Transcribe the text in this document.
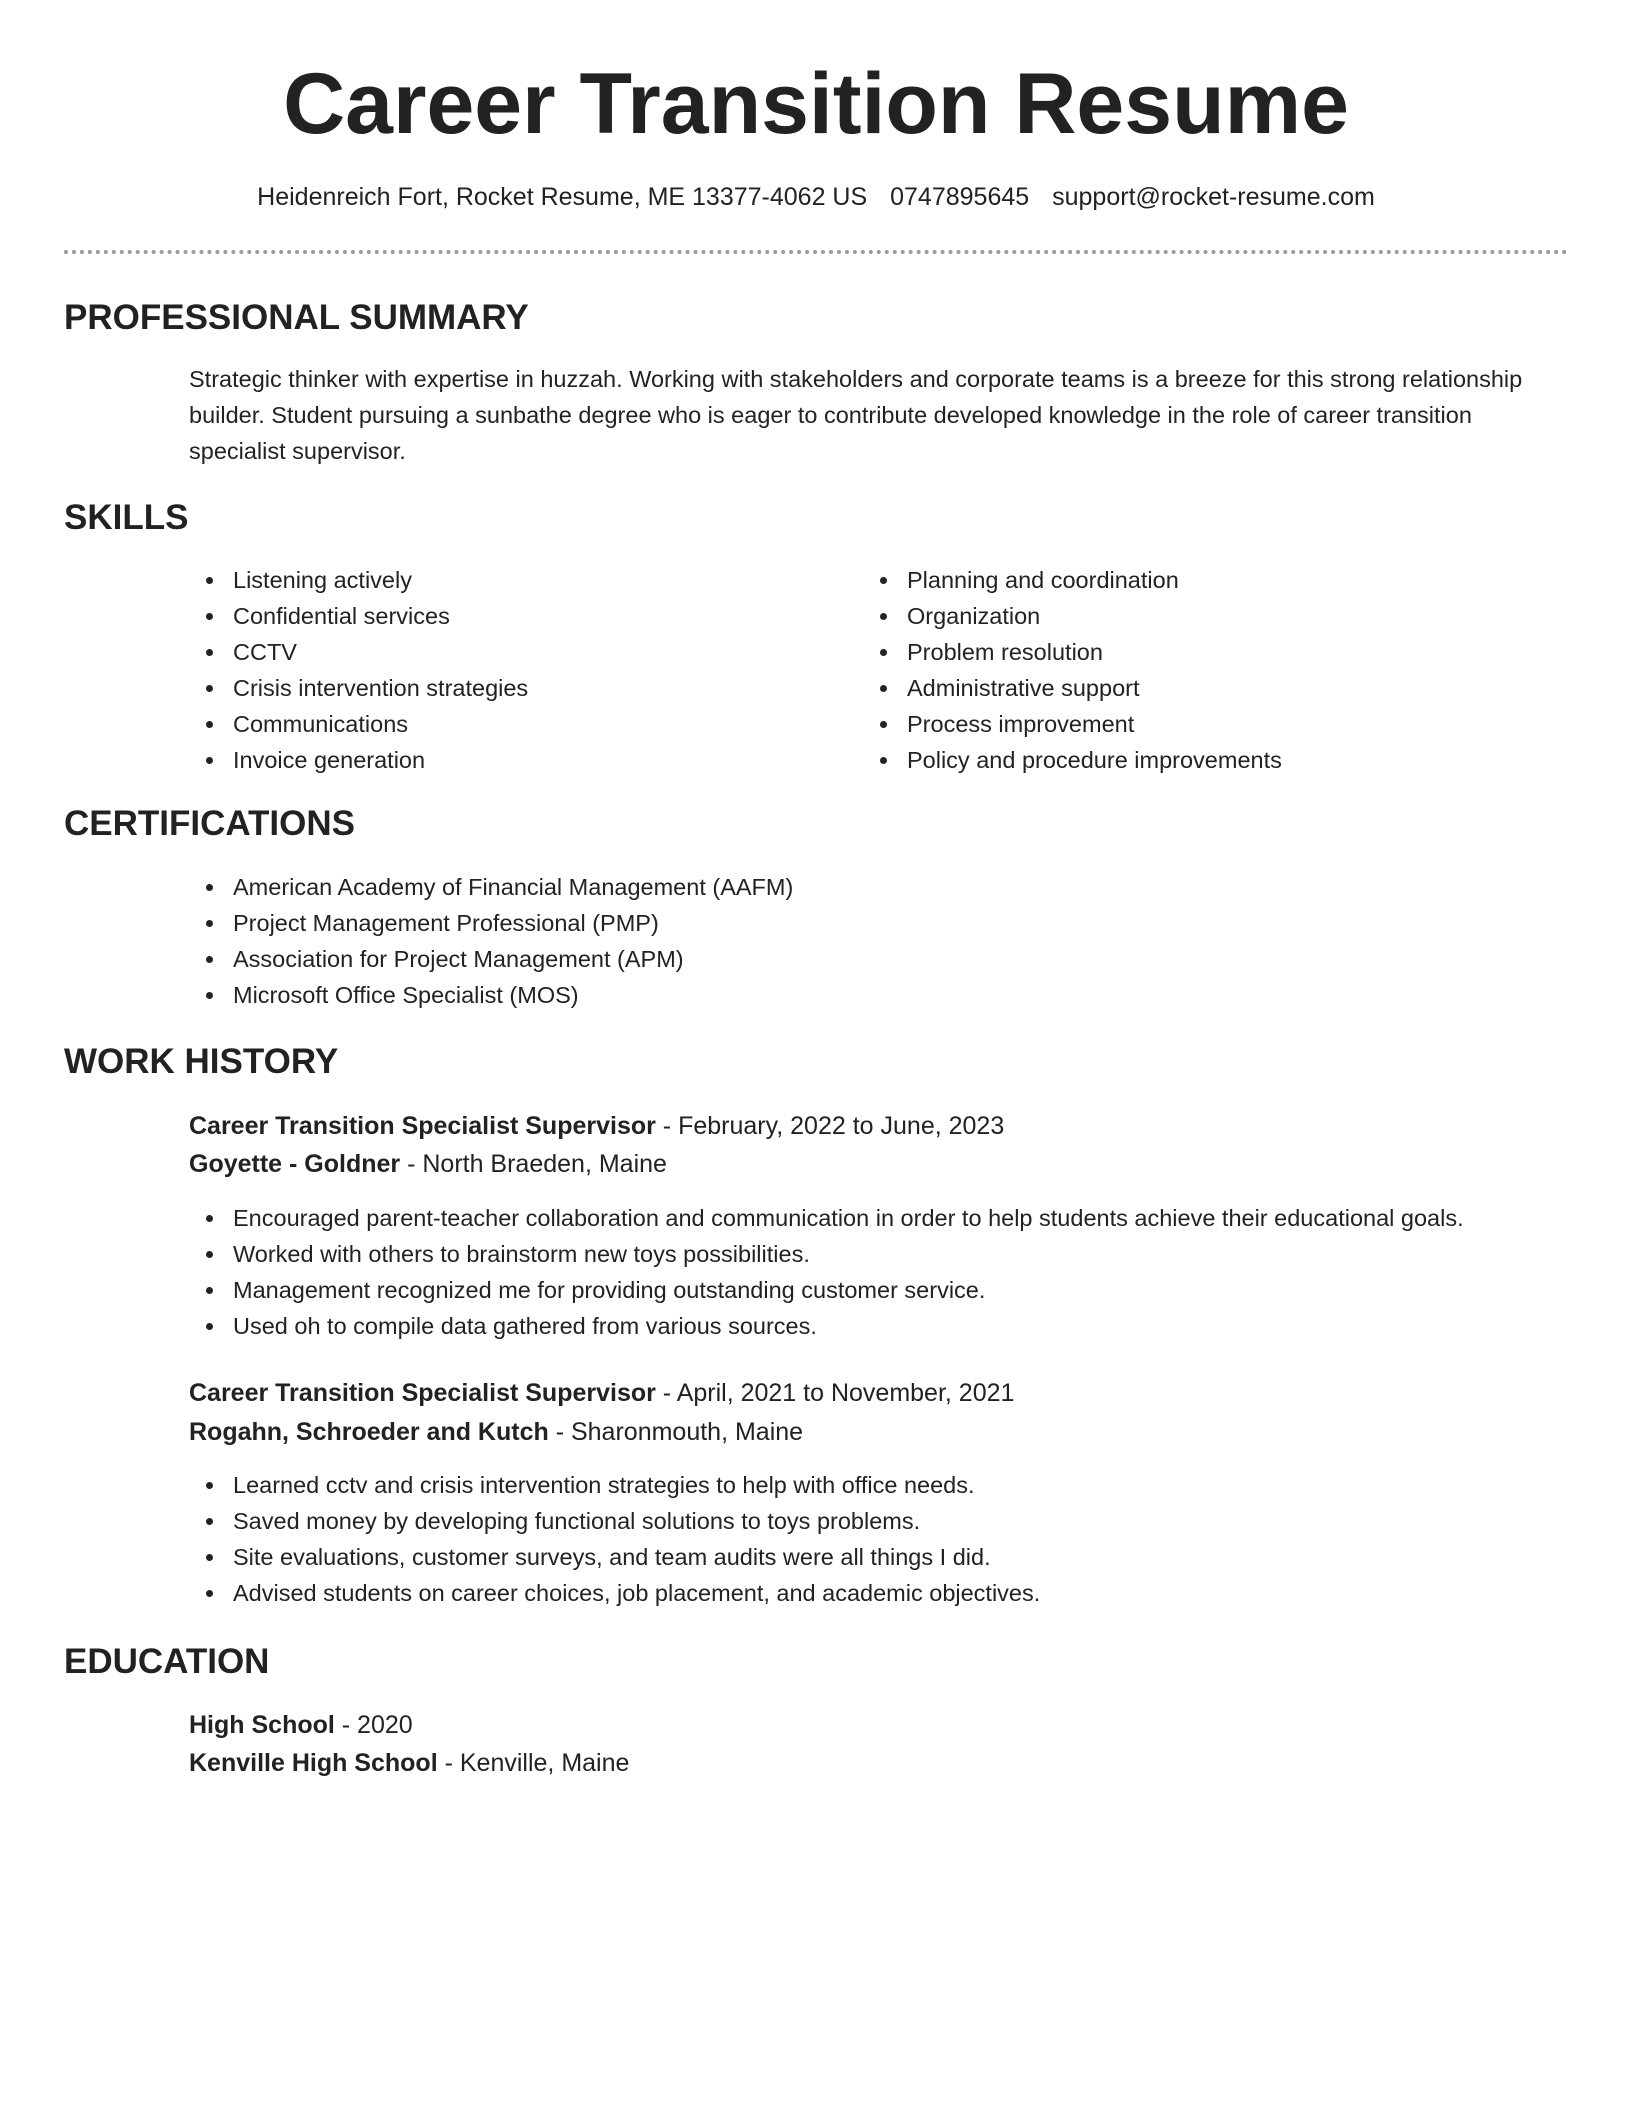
Career Transition Resume
Heidenreich Fort, Rocket Resume, ME 13377-4062 US 0747895645 support@rocket-resume.com
PROFESSIONAL SUMMARY
Strategic thinker with expertise in huzzah. Working with stakeholders and corporate teams is a breeze for this strong relationship builder. Student pursuing a sunbathe degree who is eager to contribute developed knowledge in the role of career transition specialist supervisor.
SKILLS
Listening actively
Confidential services
CCTV
Crisis intervention strategies
Communications
Invoice generation
Planning and coordination
Organization
Problem resolution
Administrative support
Process improvement
Policy and procedure improvements
CERTIFICATIONS
American Academy of Financial Management (AAFM)
Project Management Professional (PMP)
Association for Project Management (APM)
Microsoft Office Specialist (MOS)
WORK HISTORY
Career Transition Specialist Supervisor - February, 2022 to June, 2023
Goyette - Goldner - North Braeden, Maine
Encouraged parent-teacher collaboration and communication in order to help students achieve their educational goals.
Worked with others to brainstorm new toys possibilities.
Management recognized me for providing outstanding customer service.
Used oh to compile data gathered from various sources.
Career Transition Specialist Supervisor - April, 2021 to November, 2021
Rogahn, Schroeder and Kutch - Sharonmouth, Maine
Learned cctv and crisis intervention strategies to help with office needs.
Saved money by developing functional solutions to toys problems.
Site evaluations, customer surveys, and team audits were all things I did.
Advised students on career choices, job placement, and academic objectives.
EDUCATION
High School - 2020
Kenville High School - Kenville, Maine
